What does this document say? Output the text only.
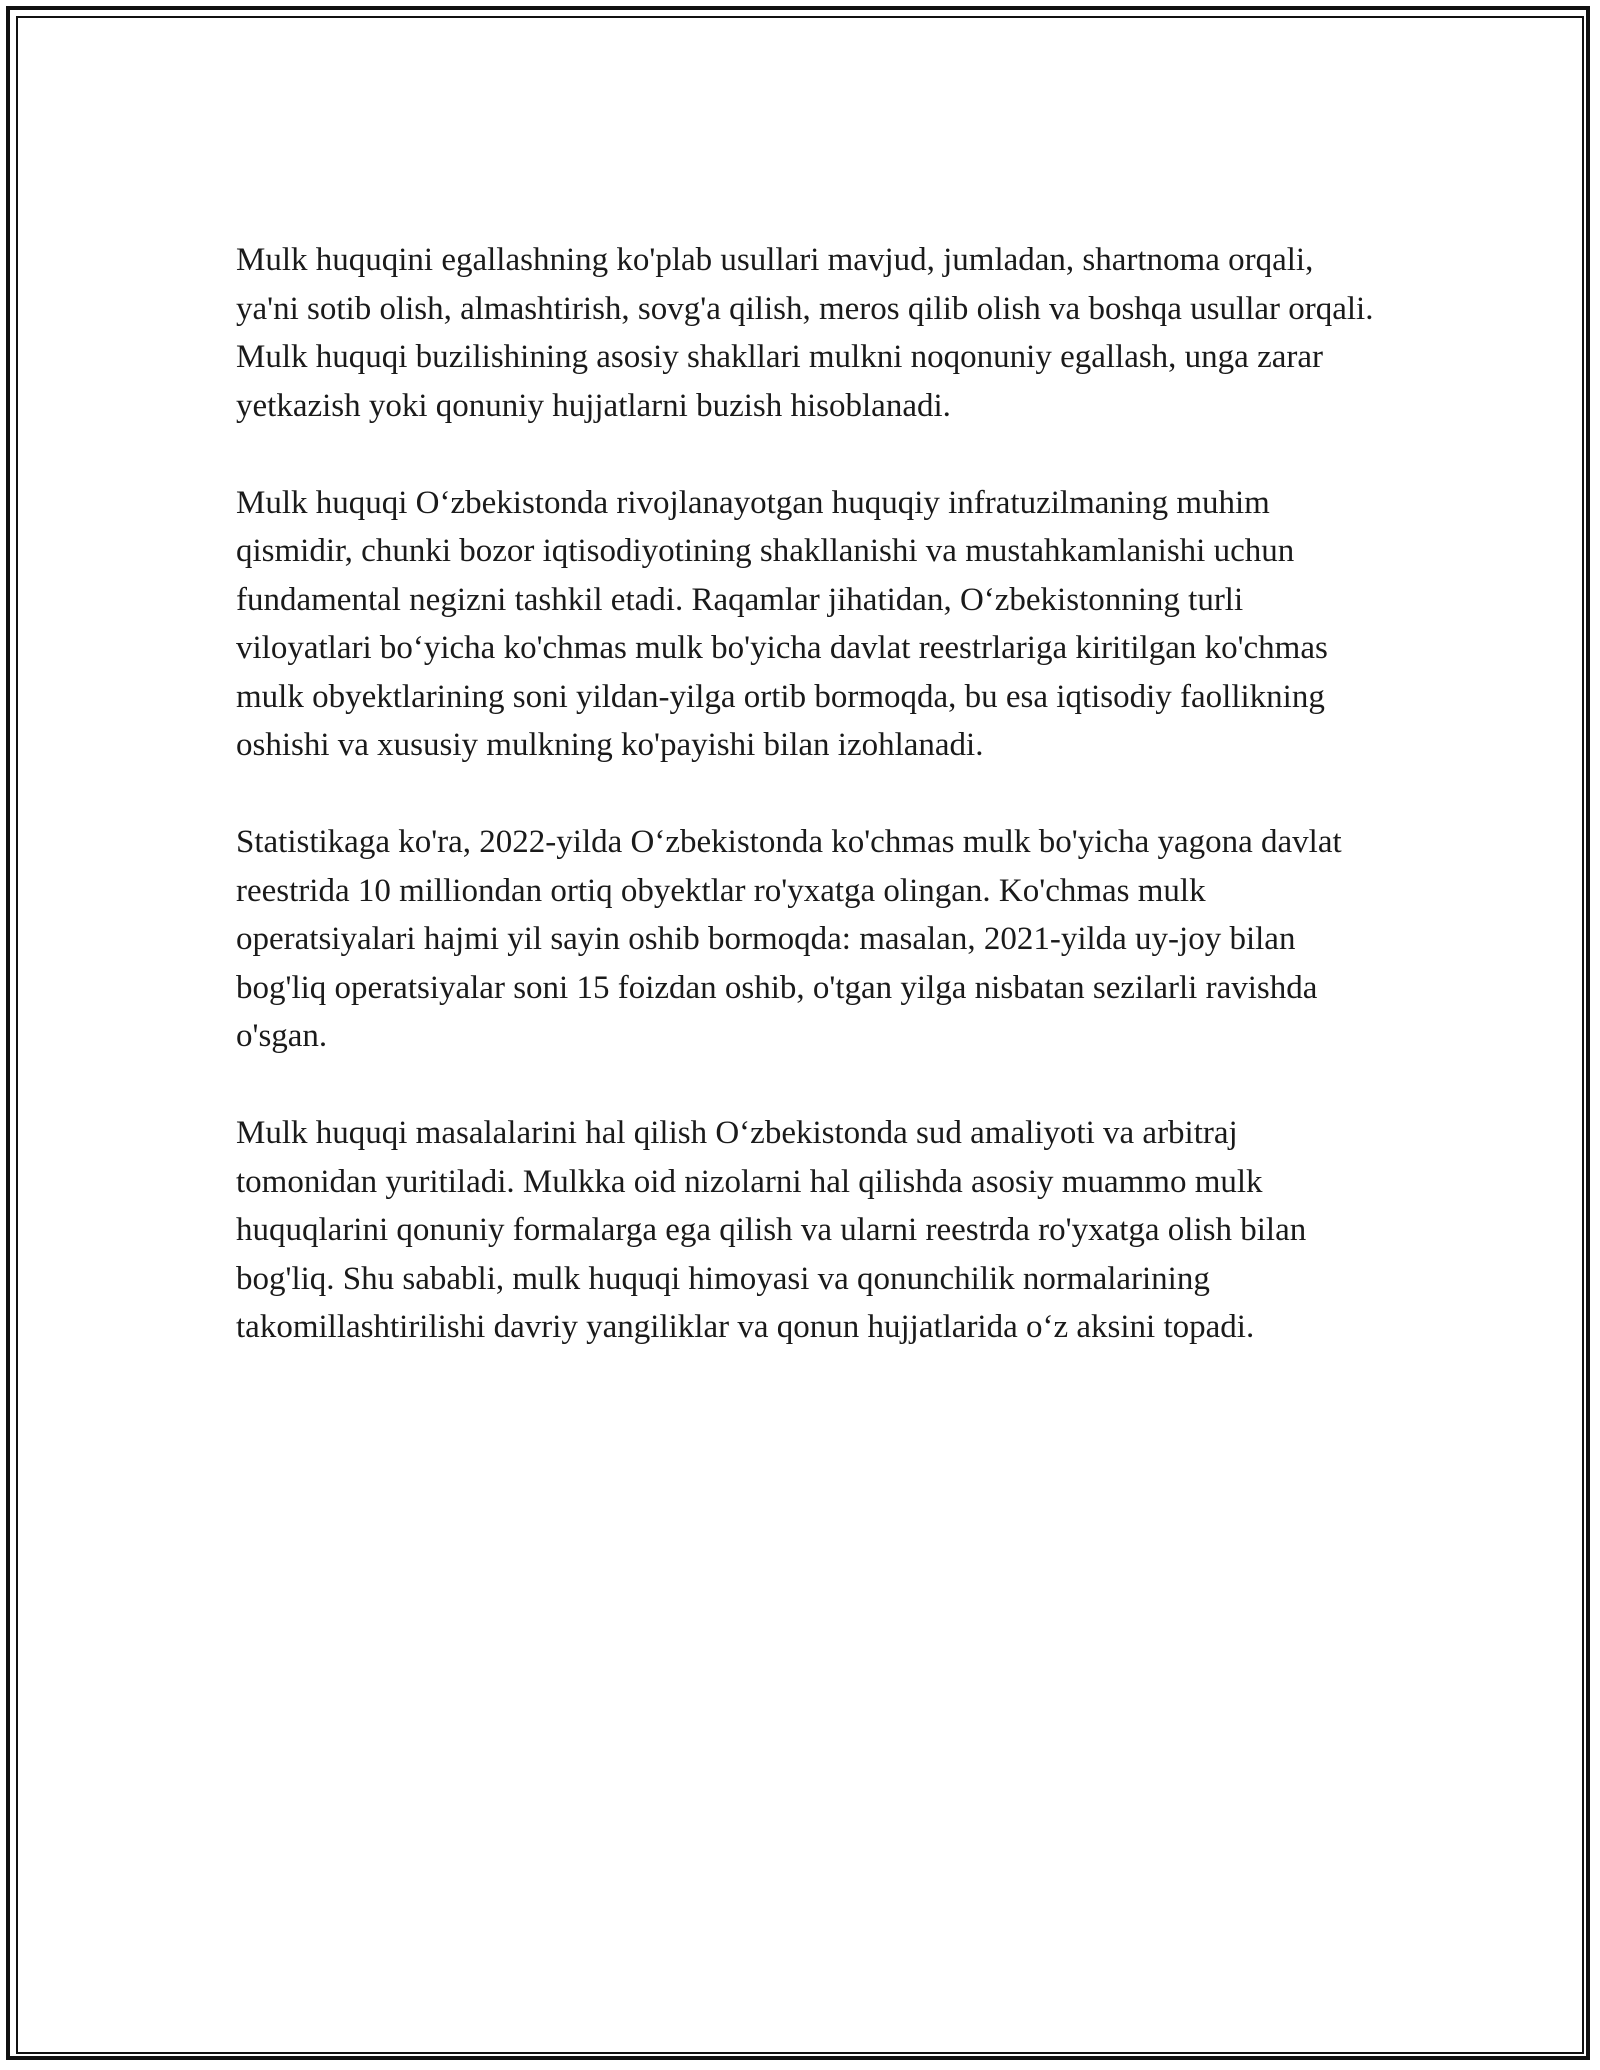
Mulk huquqini egallashning ko'plab usullari mavjud, jumladan, shartnoma orqali, ya'ni sotib olish, almashtirish, sovg'a qilish, meros qilib olish va boshqa usullar orqali. Mulk huquqi buzilishining asosiy shakllari mulkni noqonuniy egallash, unga zarar yetkazish yoki qonuniy hujjatlarni buzish hisoblanadi.

Mulk huquqi O‘zbekistonda rivojlanayotgan huquqiy infratuzilmaning muhim qismidir, chunki bozor iqtisodiyotining shakllanishi va mustahkamlanishi uchun fundamental negizni tashkil etadi. Raqamlar jihatidan, O‘zbekistonning turli viloyatlari bo‘yicha ko'chmas mulk bo'yicha davlat reestrlariga kiritilgan ko'chmas mulk obyektlarining soni yildan-yilga ortib bormoqda, bu esa iqtisodiy faollikning oshishi va xususiy mulkning ko'payishi bilan izohlanadi.

Statistikaga ko'ra, 2022-yilda O‘zbekistonda ko'chmas mulk bo'yicha yagona davlat reestrida 10 milliondan ortiq obyektlar ro'yxatga olingan. Ko'chmas mulk operatsiyalari hajmi yil sayin oshib bormoqda: masalan, 2021-yilda uy-joy bilan bog'liq operatsiyalar soni 15 foizdan oshib, o'tgan yilga nisbatan sezilarli ravishda o'sgan.

Mulk huquqi masalalarini hal qilish O‘zbekistonda sud amaliyoti va arbitraj tomonidan yuritiladi. Mulkka oid nizolarni hal qilishda asosiy muammo mulk huquqlarini qonuniy formalarga ega qilish va ularni reestrda ro'yxatga olish bilan bog'liq. Shu sababli, mulk huquqi himoyasi va qonunchilik normalarining takomillashtirilishi davriy yangiliklar va qonun hujjatlarida o‘z aksini topadi.
